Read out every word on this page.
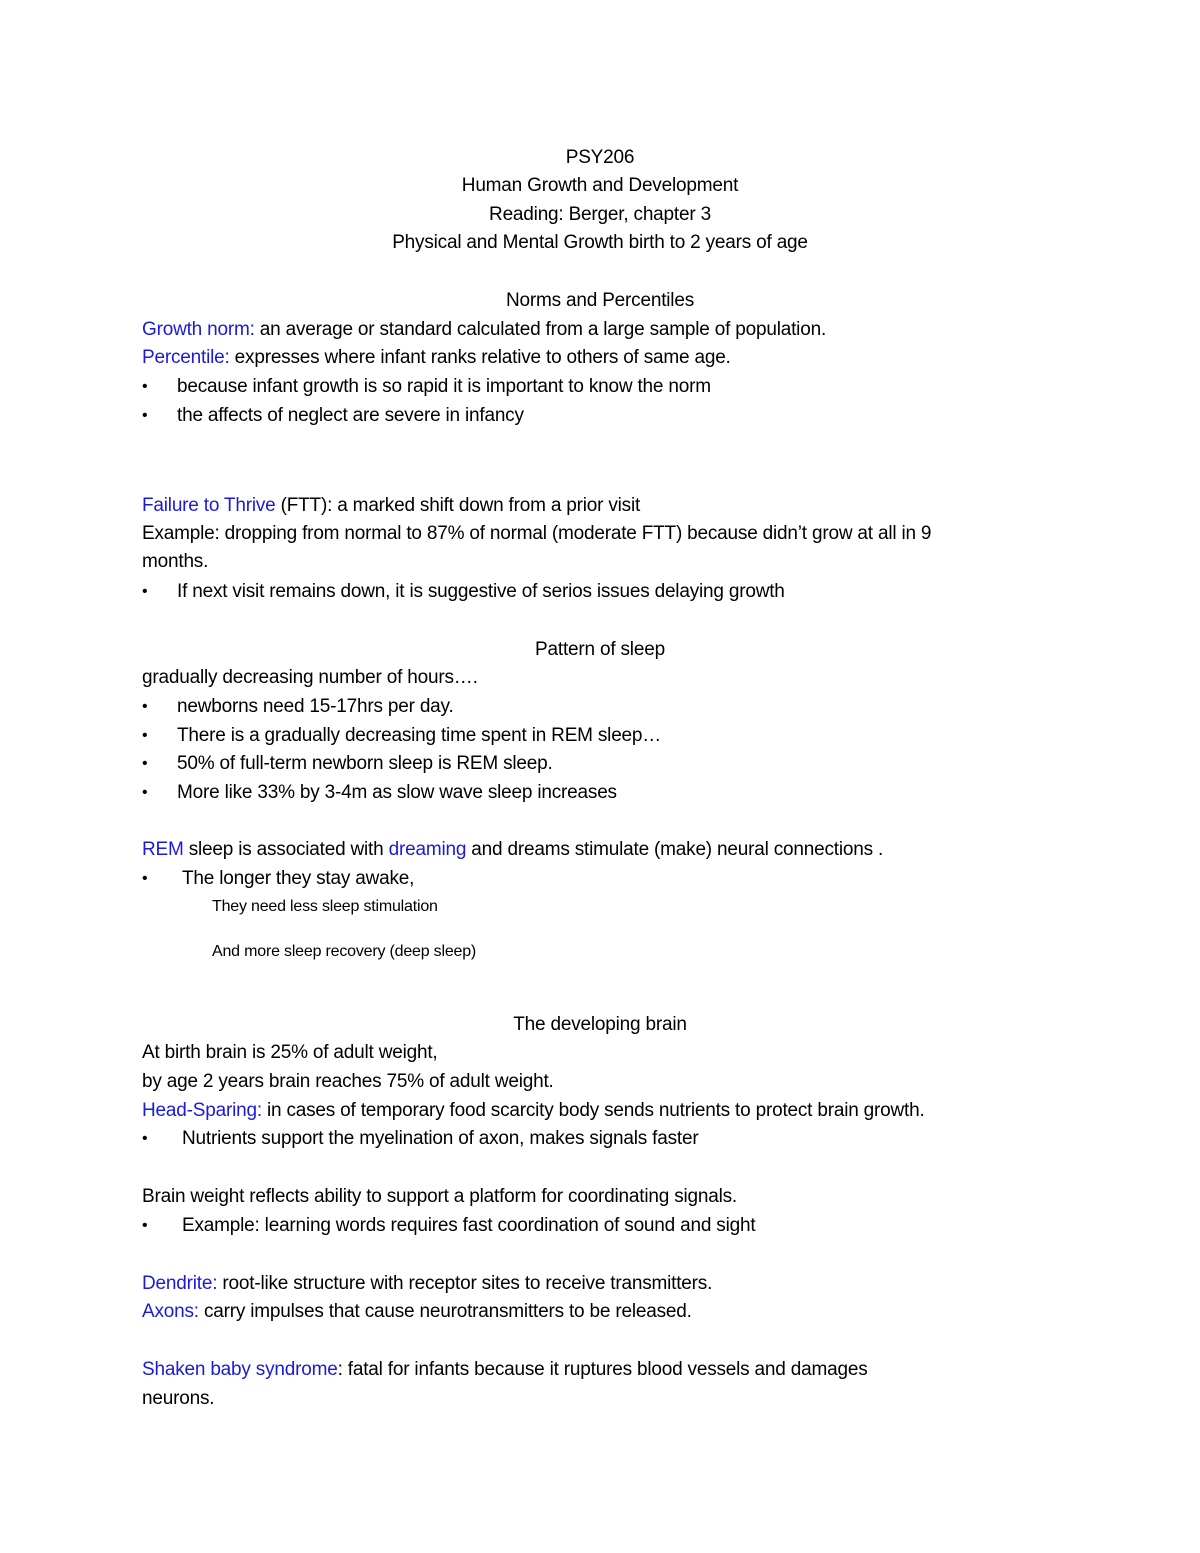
PSY206
Human Growth and Development
Reading: Berger, chapter 3
Physical and Mental Growth birth to 2 years of age
Norms and Percentiles
Growth norm: an average or standard calculated from a large sample of population.
Percentile: expresses where infant ranks relative to others of same age.
• because infant growth is so rapid it is important to know the norm
• the affects of neglect are severe in infancy
Failure to Thrive (FTT): a marked shift down from a prior visit
Example: dropping from normal to 87% of normal (moderate FTT) because didn’t grow at all in 9
months.
• If next visit remains down, it is suggestive of serios issues delaying growth
Pattern of sleep
gradually decreasing number of hours….
• newborns need 15-17hrs per day.
• There is a gradually decreasing time spent in REM sleep…
• 50% of full-term newborn sleep is REM sleep.
• More like 33% by 3-4m as slow wave sleep increases
REM sleep is associated with dreaming and dreams stimulate (make) neural connections .
• The longer they stay awake,
They need less sleep stimulation
And more sleep recovery (deep sleep)
The developing brain
At birth brain is 25% of adult weight,
by age 2 years brain reaches 75% of adult weight.
Head-Sparing: in cases of temporary food scarcity body sends nutrients to protect brain growth.
• Nutrients support the myelination of axon, makes signals faster
Brain weight reflects ability to support a platform for coordinating signals.
• Example: learning words requires fast coordination of sound and sight
Dendrite: root-like structure with receptor sites to receive transmitters.
Axons: carry impulses that cause neurotransmitters to be released.
Shaken baby syndrome: fatal for infants because it ruptures blood vessels and damages
neurons.
